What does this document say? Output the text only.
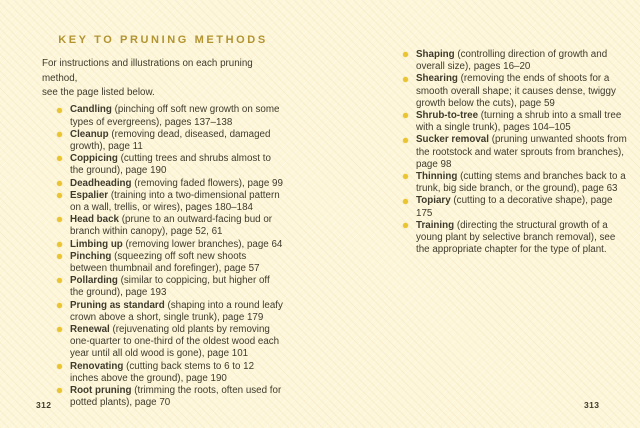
KEY TO PRUNING METHODS
For instructions and illustrations on each pruning method,
see the page listed below.
Candling (pinching off soft new growth on some types of evergreens), pages 137–138
Cleanup (removing dead, diseased, damaged growth), page 11
Coppicing (cutting trees and shrubs almost to the ground), page 190
Deadheading (removing faded flowers), page 99
Espalier (training into a two-dimensional pattern on a wall, trellis, or wires), pages 180–184
Head back (prune to an outward-facing bud or branch within canopy), page 52, 61
Limbing up (removing lower branches), page 64
Pinching (squeezing off soft new shoots between thumbnail and forefinger), page 57
Pollarding (similar to coppicing, but higher off the ground), page 193
Pruning as standard (shaping into a round leafy crown above a short, single trunk), page 179
Renewal (rejuvenating old plants by removing one-quarter to one-third of the oldest wood each year until all old wood is gone), page 101
Renovating (cutting back stems to 6 to 12 inches above the ground), page 190
Root pruning (trimming the roots, often used for potted plants), page 70
Shaping (controlling direction of growth and overall size), pages 16–20
Shearing (removing the ends of shoots for a smooth overall shape; it causes dense, twiggy growth below the cuts), page 59
Shrub-to-tree (turning a shrub into a small tree with a single trunk), pages 104–105
Sucker removal (pruning unwanted shoots from the rootstock and water sprouts from branches), page 98
Thinning (cutting stems and branches back to a trunk, big side branch, or the ground), page 63
Topiary (cutting to a decorative shape), page 175
Training (directing the structural growth of a young plant by selective branch removal), see the appropriate chapter for the type of plant.
312	313
